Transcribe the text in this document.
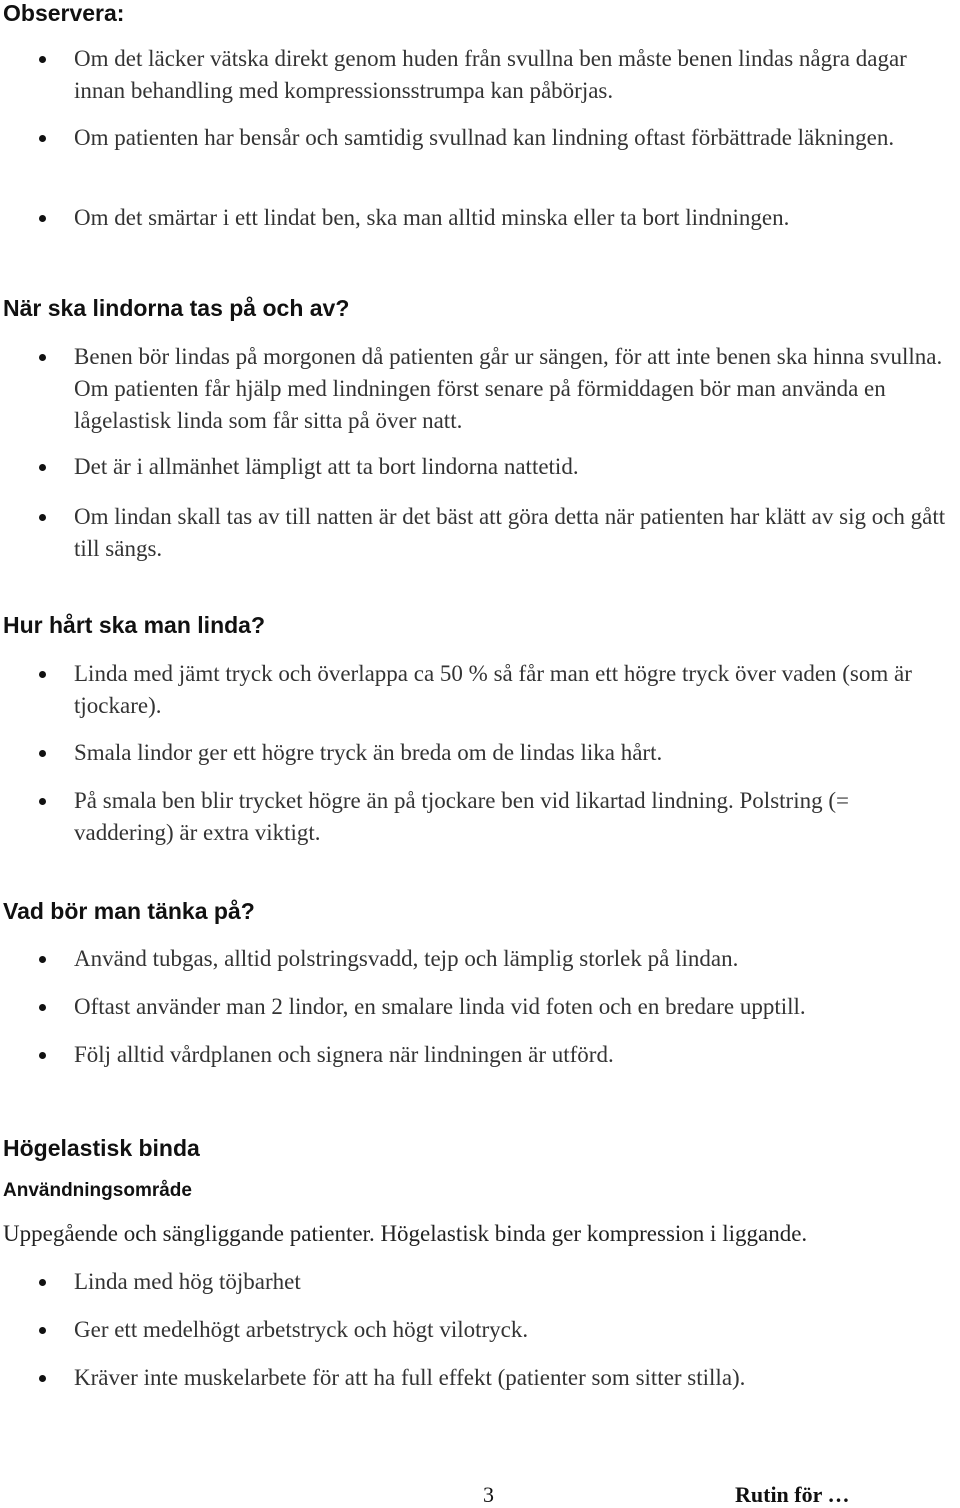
Observera:

Om det läcker vätska direkt genom huden från svullna ben måste benen lindas några dagar innan behandling med kompressionsstrumpa kan påbörjas.

Om patienten har bensår och samtidig svullnad kan lindning oftast förbättrade läkningen.

Om det smärtar i ett lindat ben, ska man alltid minska eller ta bort lindningen.

När ska lindorna tas på och av?

Benen bör lindas på morgonen då patienten går ur sängen, för att inte benen ska hinna svullna. Om patienten får hjälp med lindningen först senare på förmiddagen bör man använda en lågelastisk linda som får sitta på över natt.

Det är i allmänhet lämpligt att ta bort lindorna nattetid.

Om lindan skall tas av till natten är det bäst att göra detta när patienten har klätt av sig och gått till sängs.

Hur hårt ska man linda?

Linda med jämt tryck och överlappa ca 50 % så får man ett högre tryck över vaden (som är tjockare).

Smala lindor ger ett högre tryck än breda om de lindas lika hårt.

På smala ben blir trycket högre än på tjockare ben vid likartad lindning. Polstring (= vaddering) är extra viktigt.

Vad bör man tänka på?

Använd tubgas, alltid polstringsvadd, tejp och lämplig storlek på lindan.

Oftast använder man 2 lindor, en smalare linda vid foten och en bredare upptill.

Följ alltid vårdplanen och signera när lindningen är utförd.

Högelastisk binda
Användningsområde

Uppegående och sängliggande patienter. Högelastisk binda ger kompression i liggande.

Linda med hög töjbarhet

Ger ett medelhögt arbetstryck och högt vilotryck.

Kräver inte muskelarbete för att ha full effekt (patienter som sitter stilla).

3	Rutin för …
